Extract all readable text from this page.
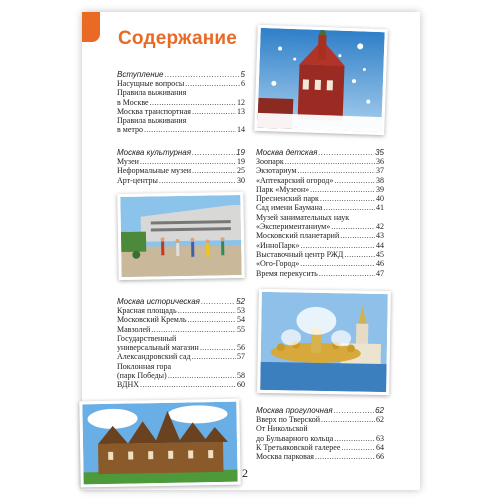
Содержание
Вступление .....	5
Насущные вопросы .....	6
Правила выживания
в Москве .....	12
Москва транспортная .....	13
Правила выживания
в метро .....	14
Москва культурная .....	19
Музеи .....	19
Неформальные музеи .....	25
Арт-центры .....	30
Москва детская .....	35
Зоопарк .....	36
Экзотариум .....	37
«Аптекарский огород» .....	38
Парк «Музеон» .....	39
Пресненский парк .....	40
Сад имени Баумана .....	41
Музей занимательных наук
«Экспериментаниум» .....	42
Московский планетарий .....	43
«ИнноПарк» .....	44
Выставочный центр РЖД .....	45
«Ого-Город» .....	46
Время перекусить .....	47
Москва историческая .....	52
Красная площадь .....	53
Московский Кремль .....	54
Мавзолей .....	55
Государственный
универсальный магазин .....	56
Александровский сад .....	57
Поклонная гора
(парк Победы) .....	58
ВДНХ .....	60
Москва прогулочная .....	62
Вверх по Тверской .....	62
От Никольской
до Бульварного кольца .....	63
К Третьяковской галерее .....	64
Москва парковая .....	66
2
